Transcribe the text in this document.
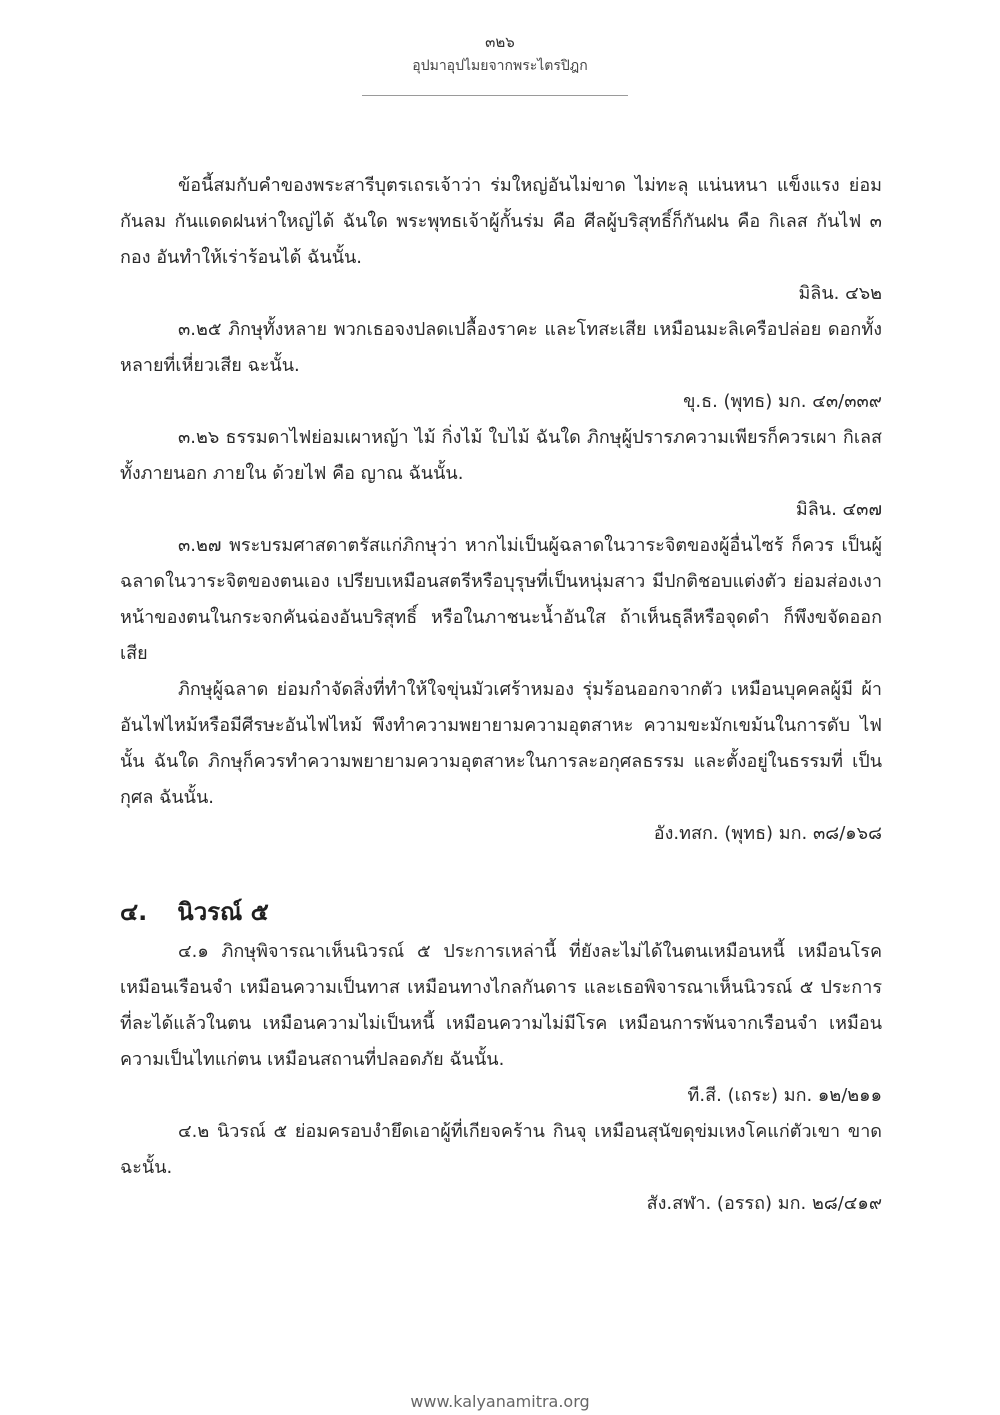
๓๒๖
อุปมาอุปไมยจากพระไตรปิฎก

ข้อนี้สมกับคำของพระสารีบุตรเถรเจ้าว่า ร่มใหญ่อันไม่ขาด ไม่ทะลุ แน่นหนา แข็งแรง ย่อมกันลม กันแดดฝนห่าใหญ่ได้ ฉันใด พระพุทธเจ้าผู้กั้นร่ม คือ ศีลผู้บริสุทธิ์ก็กันฝน คือ กิเลส กันไฟ ๓ กอง อันทำให้เร่าร้อนได้ ฉันนั้น.

มิลิน. ๔๖๒

๓.๒๕ ภิกษุทั้งหลาย พวกเธอจงปลดเปลื้องราคะ และโทสะเสีย เหมือนมะลิเครือปล่อย ดอกทั้งหลายที่เหี่ยวเสีย ฉะนั้น.

ขุ.ธ. (พุทธ) มก. ๔๓/๓๓๙

๓.๒๖ ธรรมดาไฟย่อมเผาหญ้า ไม้ กิ่งไม้ ใบไม้ ฉันใด ภิกษุผู้ปรารภความเพียรก็ควรเผา กิเลสทั้งภายนอก ภายใน ด้วยไฟ คือ ญาณ ฉันนั้น.

มิลิน. ๔๓๗

๓.๒๗ พระบรมศาสดาตรัสแก่ภิกษุว่า หากไม่เป็นผู้ฉลาดในวาระจิตของผู้อื่นไซร้ ก็ควร เป็นผู้ฉลาดในวาระจิตของตนเอง เปรียบเหมือนสตรีหรือบุรุษที่เป็นหนุ่มสาว มีปกติชอบแต่งตัว ย่อมส่องเงาหน้าของตนในกระจกคันฉ่องอันบริสุทธิ์ หรือในภาชนะน้ำอันใส ถ้าเห็นธุลีหรือจุดดำ ก็พึงขจัดออกเสีย

ภิกษุผู้ฉลาด ย่อมกำจัดสิ่งที่ทำให้ใจขุ่นมัวเศร้าหมอง รุ่มร้อนออกจากตัว เหมือนบุคคลผู้มี ผ้าอันไฟไหม้หรือมีศีรษะอันไฟไหม้ พึงทำความพยายามความอุตสาหะ ความขะมักเขม้นในการดับ ไฟนั้น ฉันใด ภิกษุก็ควรทำความพยายามความอุตสาหะในการละอกุศลธรรม และตั้งอยู่ในธรรมที่ เป็นกุศล ฉันนั้น.

อัง.ทสก. (พุทธ) มก. ๓๘/๑๖๘

๔. นิวรณ์ ๕

๔.๑ ภิกษุพิจารณาเห็นนิวรณ์ ๕ ประการเหล่านี้ ที่ยังละไม่ได้ในตนเหมือนหนี้ เหมือนโรค เหมือนเรือนจำ เหมือนความเป็นทาส เหมือนทางไกลกันดาร และเธอพิจารณาเห็นนิวรณ์ ๕ ประการที่ละได้แล้วในตน เหมือนความไม่เป็นหนี้ เหมือนความไม่มีโรค เหมือนการพ้นจากเรือนจำ เหมือนความเป็นไทแก่ตน เหมือนสถานที่ปลอดภัย ฉันนั้น.

ที.สี. (เถระ) มก. ๑๒/๒๑๑

๔.๒ นิวรณ์ ๕ ย่อมครอบงำยึดเอาผู้ที่เกียจคร้าน กินจุ เหมือนสุนัขดุข่มเหงโคแก่ตัวเขา ขาด ฉะนั้น.

สัง.สฬา. (อรรถ) มก. ๒๘/๔๑๙

www.kalyanamitra.org
